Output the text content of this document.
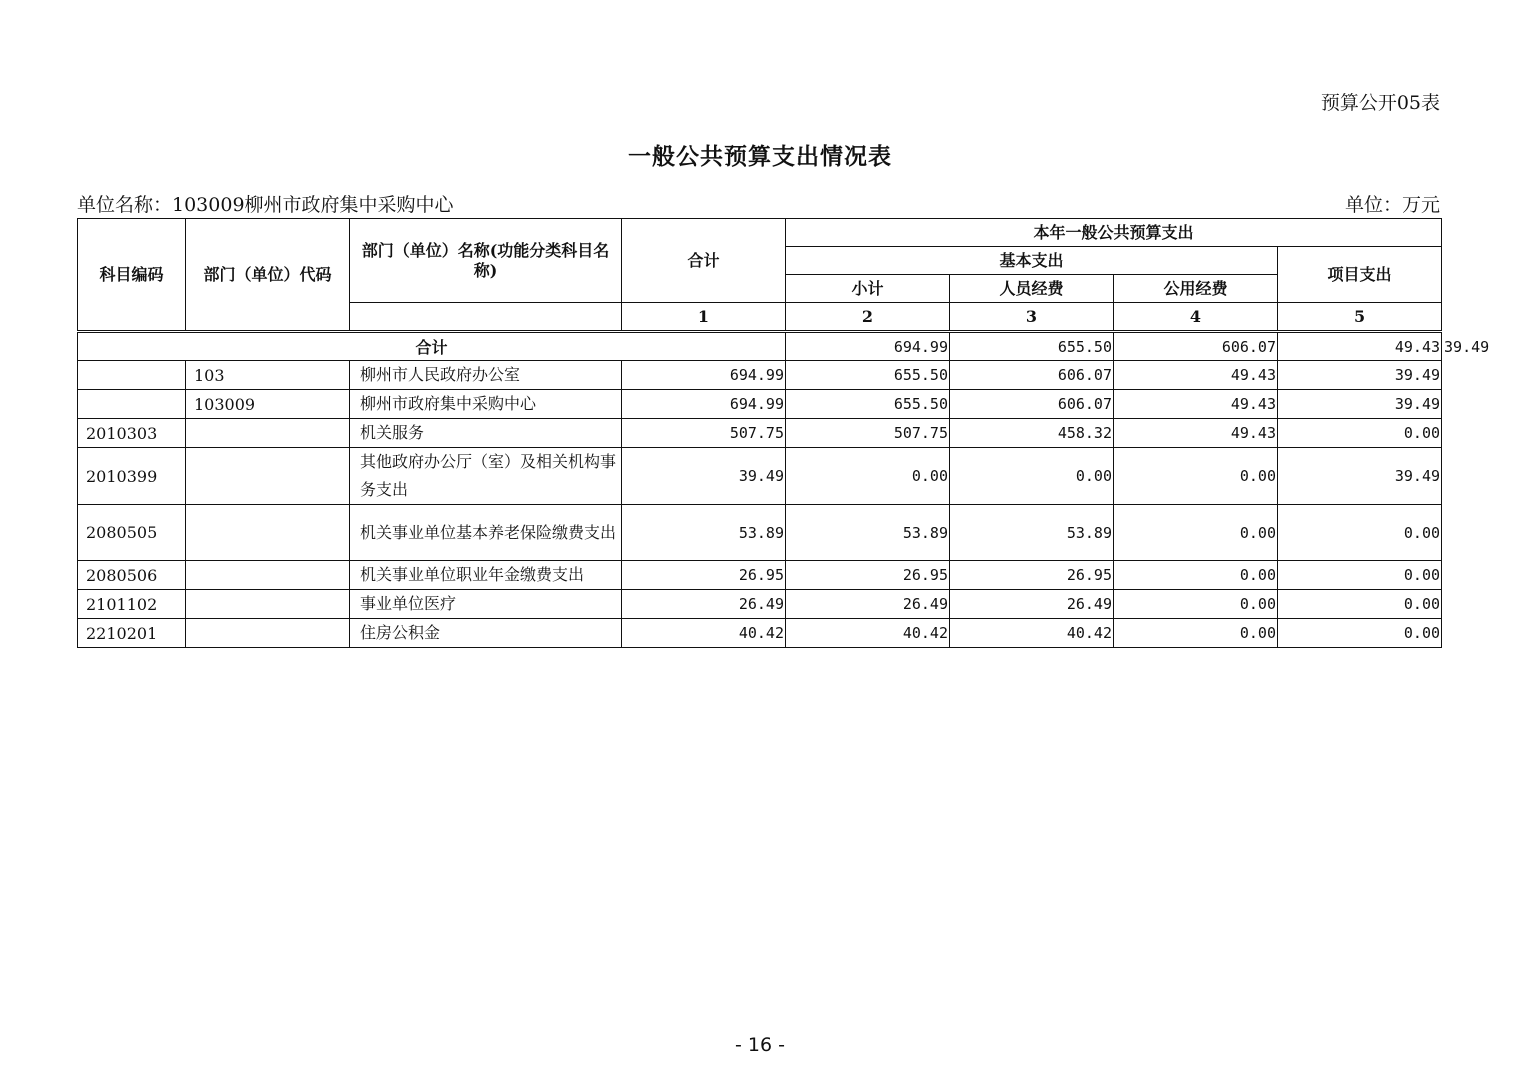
预算公开05表
一般公共预算支出情况表
单位名称：103009柳州市政府集中采购中心	单位：万元
科目编码	部门（单位）代码	部门（单位）名称(功能分类科目名称)	合计	本年一般公共预算支出				
				基本支出			项目支出	
				小计	人员经费	公用经费		
			1	2	3	4	5	
合计				694.99	655.50	606.07	49.43	39.49
	103	柳州市人民政府办公室	694.99	655.50	606.07	49.43	39.49	
	103009	柳州市政府集中采购中心	694.99	655.50	606.07	49.43	39.49	
2010303		机关服务	507.75	507.75	458.32	49.43	0.00	
2010399		其他政府办公厅（室）及相关机构事务支出	39.49	0.00	0.00	0.00	39.49	
2080505		机关事业单位基本养老保险缴费支出	53.89	53.89	53.89	0.00	0.00	
2080506		机关事业单位职业年金缴费支出	26.95	26.95	26.95	0.00	0.00	
2101102		事业单位医疗	26.49	26.49	26.49	0.00	0.00	
2210201		住房公积金	40.42	40.42	40.42	0.00	0.00	
- 16 -
